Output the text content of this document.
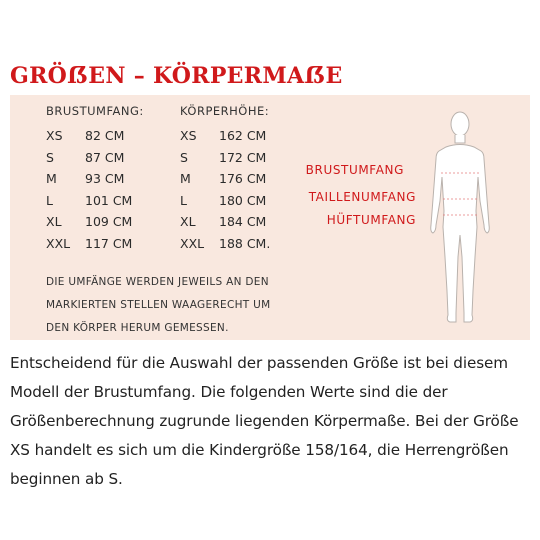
GRÖẞEN – KÖRPERMAẞE
BRUSTUMFANG:
XS 82 CM
S 87 CM
M 93 CM
L	101 CM
XL 109 CM
XXL 117 CM
KÖRPERHÖHE:
XS 162 CM
S 172 CM
M 176 CM
L	180 CM
XL 184 CM
XXL 188 CM.
DIE UMFÄNGE WERDEN JEWEILS AN DEN MARKIERTEN STELLEN WAAGERECHT UM DEN KÖRPER HERUM GEMESSEN.
BRUSTUMFANG
TAILLENUMFANG
HÜFTUMFANG

Entscheidend für die Auswahl der passenden Größe ist bei diesem Modell der Brustumfang. Die folgenden Werte sind die der Größenberechnung zugrunde liegenden Körpermaße. Bei der Größe XS handelt es sich um die Kindergröße 158/164, die Herrengrößen beginnen ab S.
